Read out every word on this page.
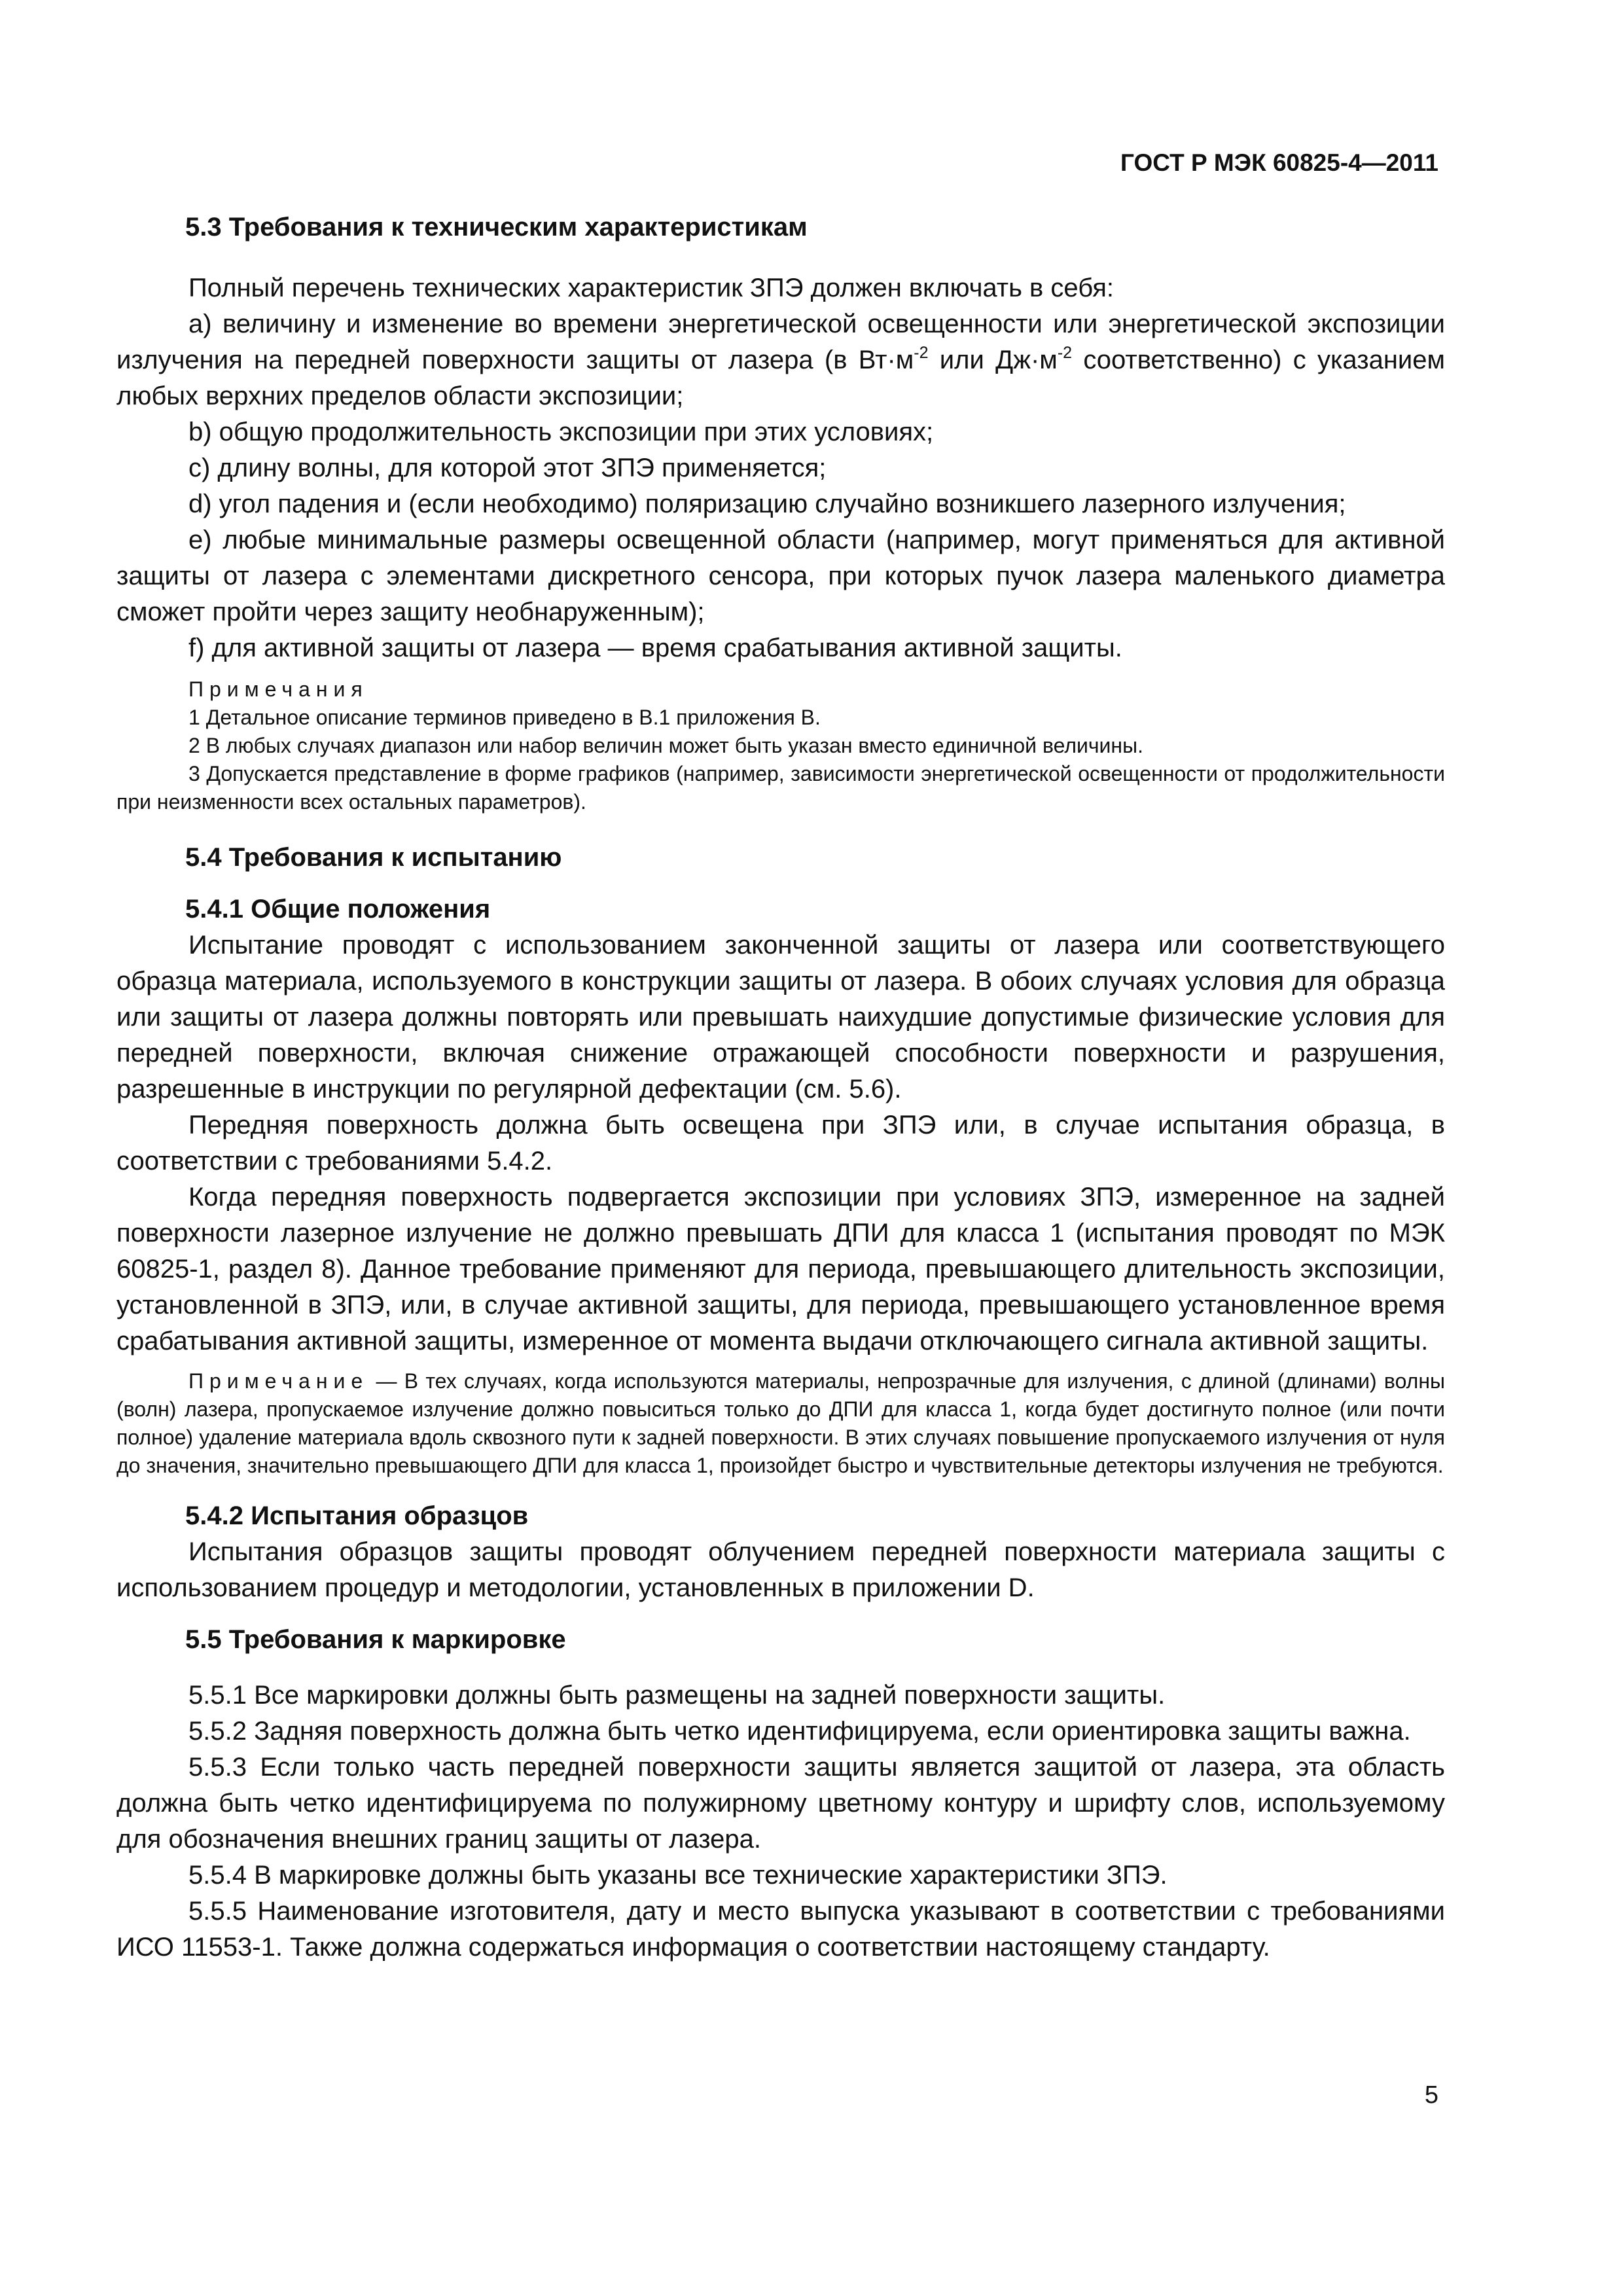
ГОСТ Р МЭК 60825-4—2011

5.3 Требования к техническим характеристикам

Полный перечень технических характеристик ЗПЭ должен включать в себя:

а) величину и изменение во времени энергетической освещенности или энергетической экспозиции излучения на передней поверхности защиты от лазера (в $Вт\cdot м^{-2}$ или $Дж\cdot м^{-2}$ соответственно) с указанием любых верхних пределов области экспозиции;

b) общую продолжительность экспозиции при этих условиях;

с) длину волны, для которой этот ЗПЭ применяется;

d) угол падения и (если необходимо) поляризацию случайно возникшего лазерного излучения;

е) любые минимальные размеры освещенной области (например, могут применяться для активной защиты от лазера с элементами дискретного сенсора, при которых пучок лазера маленького диаметра сможет пройти через защиту необнаруженным);

f) для активной защиты от лазера — время срабатывания активной защиты.

Примечания

1 Детальное описание терминов приведено в В.1 приложения В.

2 В любых случаях диапазон или набор величин может быть указан вместо единичной величины.

3 Допускается представление в форме графиков (например, зависимости энергетической освещенности от продолжительности при неизменности всех остальных параметров).

5.4 Требования к испытанию

5.4.1 Общие положения

Испытание проводят с использованием законченной защиты от лазера или соответствующего образца материала, используемого в конструкции защиты от лазера. В обоих случаях условия для образца или защиты от лазера должны повторять или превышать наихудшие допустимые физические условия для передней поверхности, включая снижение отражающей способности поверхности и разрушения, разрешенные в инструкции по регулярной дефектации (см. 5.6).

Передняя поверхность должна быть освещена при ЗПЭ или, в случае испытания образца, в соответствии с требованиями 5.4.2.

Когда передняя поверхность подвергается экспозиции при условиях ЗПЭ, измеренное на задней поверхности лазерное излучение не должно превышать ДПИ для класса 1 (испытания проводят по МЭК 60825-1, раздел 8). Данное требование применяют для периода, превышающего длительность экспозиции, установленной в ЗПЭ, или, в случае активной защиты, для периода, превышающего установленное время срабатывания активной защиты, измеренное от момента выдачи отключающего сигнала активной защиты.

Примечание — В тех случаях, когда используются материалы, непрозрачные для излучения, с длиной (длинами) волны (волн) лазера, пропускаемое излучение должно повыситься только до ДПИ для класса 1, когда будет достигнуто полное (или почти полное) удаление материала вдоль сквозного пути к задней поверхности. В этих случаях повышение пропускаемого излучения от нуля до значения, значительно превышающего ДПИ для класса 1, произойдет быстро и чувствительные детекторы излучения не требуются.

5.4.2 Испытания образцов

Испытания образцов защиты проводят облучением передней поверхности материала защиты с использованием процедур и методологии, установленных в приложении D.

5.5 Требования к маркировке

5.5.1 Все маркировки должны быть размещены на задней поверхности защиты.

5.5.2 Задняя поверхность должна быть четко идентифицируема, если ориентировка защиты важна.

5.5.3 Если только часть передней поверхности защиты является защитой от лазера, эта область должна быть четко идентифицируема по полужирному цветному контуру и шрифту слов, используемому для обозначения внешних границ защиты от лазера.

5.5.4 В маркировке должны быть указаны все технические характеристики ЗПЭ.

5.5.5 Наименование изготовителя, дату и место выпуска указывают в соответствии с требованиями ИСО 11553-1. Также должна содержаться информация о соответствии настоящему стандарту.

5
